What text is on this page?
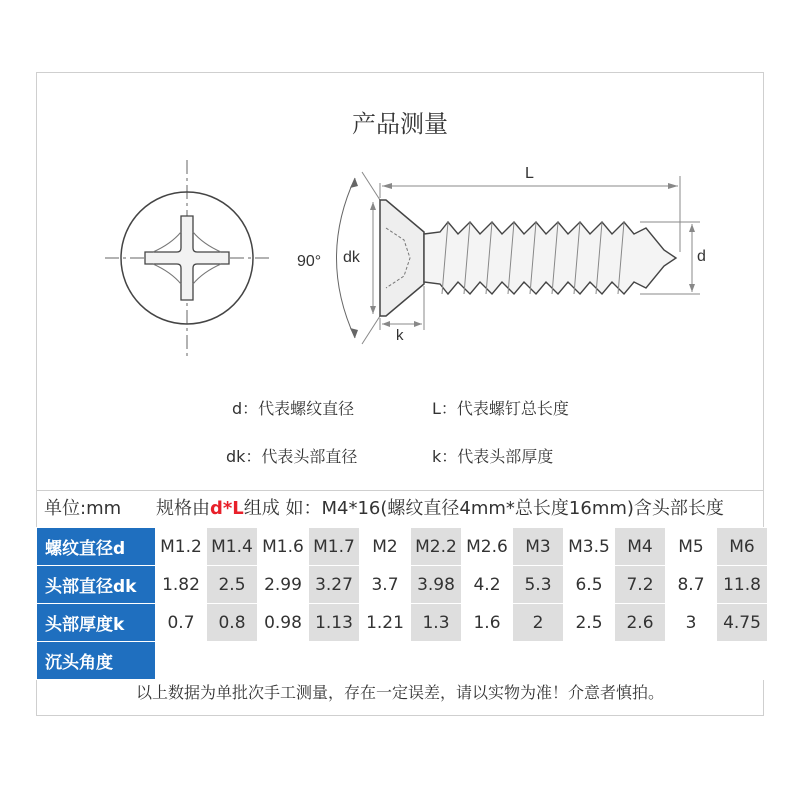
产品测量
90° dk
L
d
k
d：代表螺纹直径	L：代表螺钉总长度
dk：代表头部直径	k：代表头部厚度
单位:mm 规格由d*L组成 如：M4*16(螺纹直径4mm*总长度16mm)含头部长度
螺纹直径d	M1.2	M1.4	M1.6	M1.7	M2	M2.2	M2.6	M3	M3.5	M4	M5	M6
头部直径dk	1.82	2.5	2.99	3.27	3.7	3.98	4.2	5.3	6.5	7.2	8.7	11.8
头部厚度k	0.7	0.8	0.98	1.13	1.21	1.3	1.6	2	2.5	2.6	3	4.75
沉头角度												
以上数据为单批次手工测量，存在一定误差，请以实物为准！介意者慎拍。
